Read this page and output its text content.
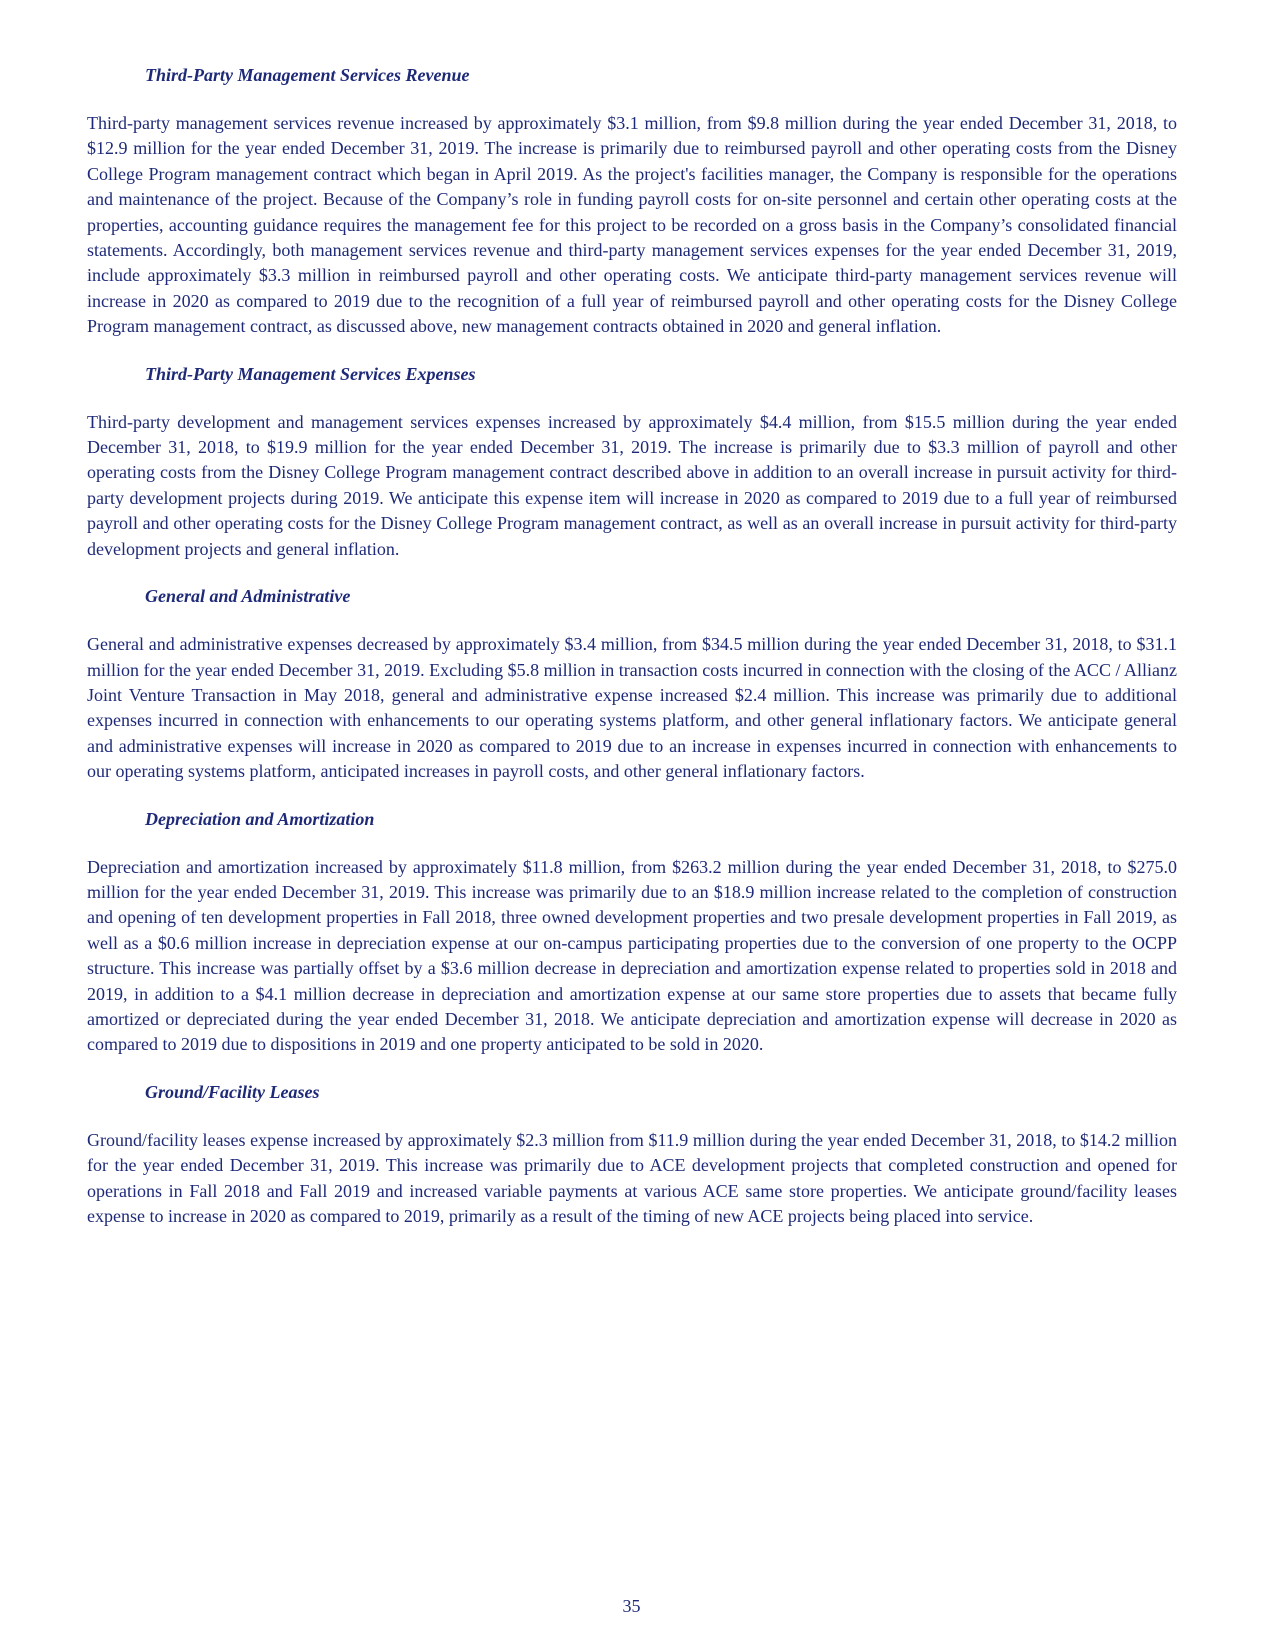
Third-Party Management Services Revenue

Third-party management services revenue increased by approximately $3.1 million, from $9.8 million during the year ended December 31, 2018, to $12.9 million for the year ended December 31, 2019. The increase is primarily due to reimbursed payroll and other operating costs from the Disney College Program management contract which began in April 2019. As the project's facilities manager, the Company is responsible for the operations and maintenance of the project. Because of the Company’s role in funding payroll costs for on-site personnel and certain other operating costs at the properties, accounting guidance requires the management fee for this project to be recorded on a gross basis in the Company’s consolidated financial statements. Accordingly, both management services revenue and third-party management services expenses for the year ended December 31, 2019, include approximately $3.3 million in reimbursed payroll and other operating costs. We anticipate third-party management services revenue will increase in 2020 as compared to 2019 due to the recognition of a full year of reimbursed payroll and other operating costs for the Disney College Program management contract, as discussed above, new management contracts obtained in 2020 and general inflation.

Third-Party Management Services Expenses

Third-party development and management services expenses increased by approximately $4.4 million, from $15.5 million during the year ended December 31, 2018, to $19.9 million for the year ended December 31, 2019. The increase is primarily due to $3.3 million of payroll and other operating costs from the Disney College Program management contract described above in addition to an overall increase in pursuit activity for third-party development projects during 2019. We anticipate this expense item will increase in 2020 as compared to 2019 due to a full year of reimbursed payroll and other operating costs for the Disney College Program management contract, as well as an overall increase in pursuit activity for third-party development projects and general inflation.

General and Administrative

General and administrative expenses decreased by approximately $3.4 million, from $34.5 million during the year ended December 31, 2018, to $31.1 million for the year ended December 31, 2019. Excluding $5.8 million in transaction costs incurred in connection with the closing of the ACC / Allianz Joint Venture Transaction in May 2018, general and administrative expense increased $2.4 million. This increase was primarily due to additional expenses incurred in connection with enhancements to our operating systems platform, and other general inflationary factors. We anticipate general and administrative expenses will increase in 2020 as compared to 2019 due to an increase in expenses incurred in connection with enhancements to our operating systems platform, anticipated increases in payroll costs, and other general inflationary factors.

Depreciation and Amortization

Depreciation and amortization increased by approximately $11.8 million, from $263.2 million during the year ended December 31, 2018, to $275.0 million for the year ended December 31, 2019. This increase was primarily due to an $18.9 million increase related to the completion of construction and opening of ten development properties in Fall 2018, three owned development properties and two presale development properties in Fall 2019, as well as a $0.6 million increase in depreciation expense at our on-campus participating properties due to the conversion of one property to the OCPP structure. This increase was partially offset by a $3.6 million decrease in depreciation and amortization expense related to properties sold in 2018 and 2019, in addition to a $4.1 million decrease in depreciation and amortization expense at our same store properties due to assets that became fully amortized or depreciated during the year ended December 31, 2018. We anticipate depreciation and amortization expense will decrease in 2020 as compared to 2019 due to dispositions in 2019 and one property anticipated to be sold in 2020.

Ground/Facility Leases

Ground/facility leases expense increased by approximately $2.3 million from $11.9 million during the year ended December 31, 2018, to $14.2 million for the year ended December 31, 2019. This increase was primarily due to ACE development projects that completed construction and opened for operations in Fall 2018 and Fall 2019 and increased variable payments at various ACE same store properties. We anticipate ground/facility leases expense to increase in 2020 as compared to 2019, primarily as a result of the timing of new ACE projects being placed into service.

35
